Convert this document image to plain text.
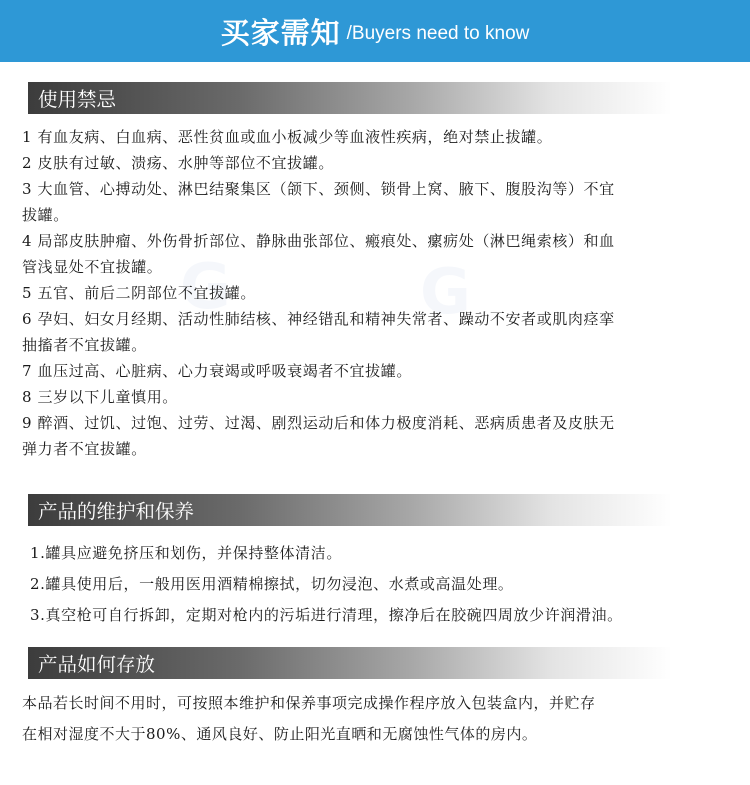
买家需知 /Buyers need to know
G	G
使用禁忌
1 有血友病、白血病、恶性贫血或血小板减少等血液性疾病，绝对禁止拔罐。
2 皮肤有过敏、溃疡、水肿等部位不宜拔罐。
3 大血管、心搏动处、淋巴结聚集区（颌下、颈侧、锁骨上窝、腋下、腹股沟等）不宜
拔罐。
4 局部皮肤肿瘤、外伤骨折部位、静脉曲张部位、瘢痕处、瘰疬处（淋巴绳索核）和血
管浅显处不宜拔罐。
5 五官、前后二阴部位不宜拔罐。
6 孕妇、妇女月经期、活动性肺结核、神经错乱和精神失常者、躁动不安者或肌肉痉挛
抽搐者不宜拔罐。
7 血压过高、心脏病、心力衰竭或呼吸衰竭者不宜拔罐。
8 三岁以下儿童慎用。
9 醉酒、过饥、过饱、过劳、过渴、剧烈运动后和体力极度消耗、恶病质患者及皮肤无
弹力者不宜拔罐。
产品的维护和保养
1.罐具应避免挤压和划伤，并保持整体清洁。
2.罐具使用后，一般用医用酒精棉擦拭，切勿浸泡、水煮或高温处理。
3.真空枪可自行拆卸，定期对枪内的污垢进行清理，擦净后在胶碗四周放少许润滑油。
产品如何存放
本品若长时间不用时，可按照本维护和保养事项完成操作程序放入包装盒内，并贮存
在相对湿度不大于80%、通风良好、防止阳光直晒和无腐蚀性气体的房内。
